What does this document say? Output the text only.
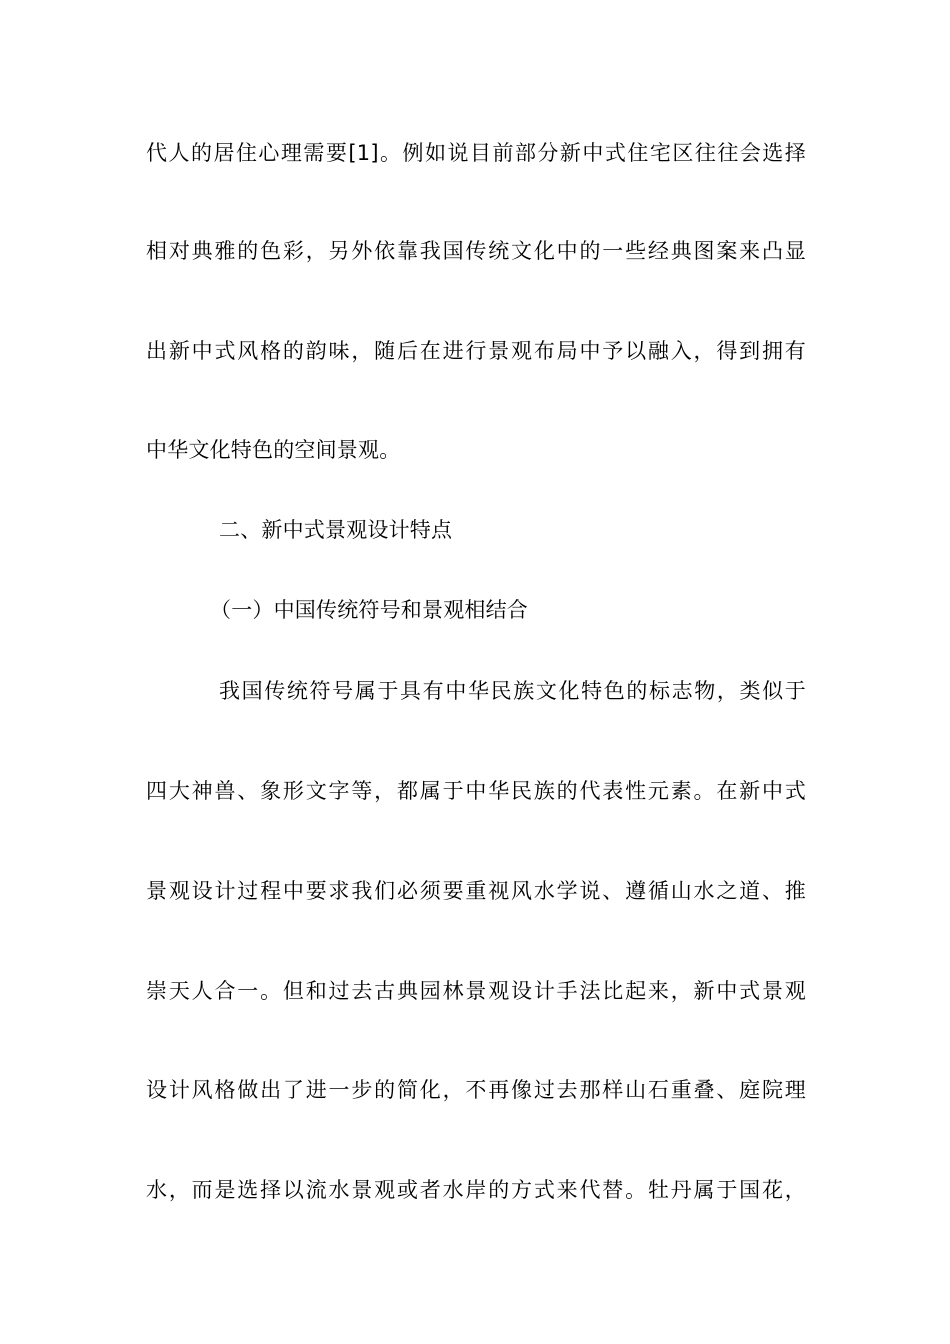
代人的居住心理需要[1]。例如说目前部分新中式住宅区往往会选择
相对典雅的色彩，另外依靠我国传统文化中的一些经典图案来凸显
出新中式风格的韵味，随后在进行景观布局中予以融入，得到拥有
中华文化特色的空间景观。
二、新中式景观设计特点
（一）中国传统符号和景观相结合
我国传统符号属于具有中华民族文化特色的标志物，类似于
四大神兽、象形文字等，都属于中华民族的代表性元素。在新中式
景观设计过程中要求我们必须要重视风水学说、遵循山水之道、推
崇天人合一。但和过去古典园林景观设计手法比起来，新中式景观
设计风格做出了进一步的简化，不再像过去那样山石重叠、庭院理
水，而是选择以流水景观或者水岸的方式来代替。牡丹属于国花，
